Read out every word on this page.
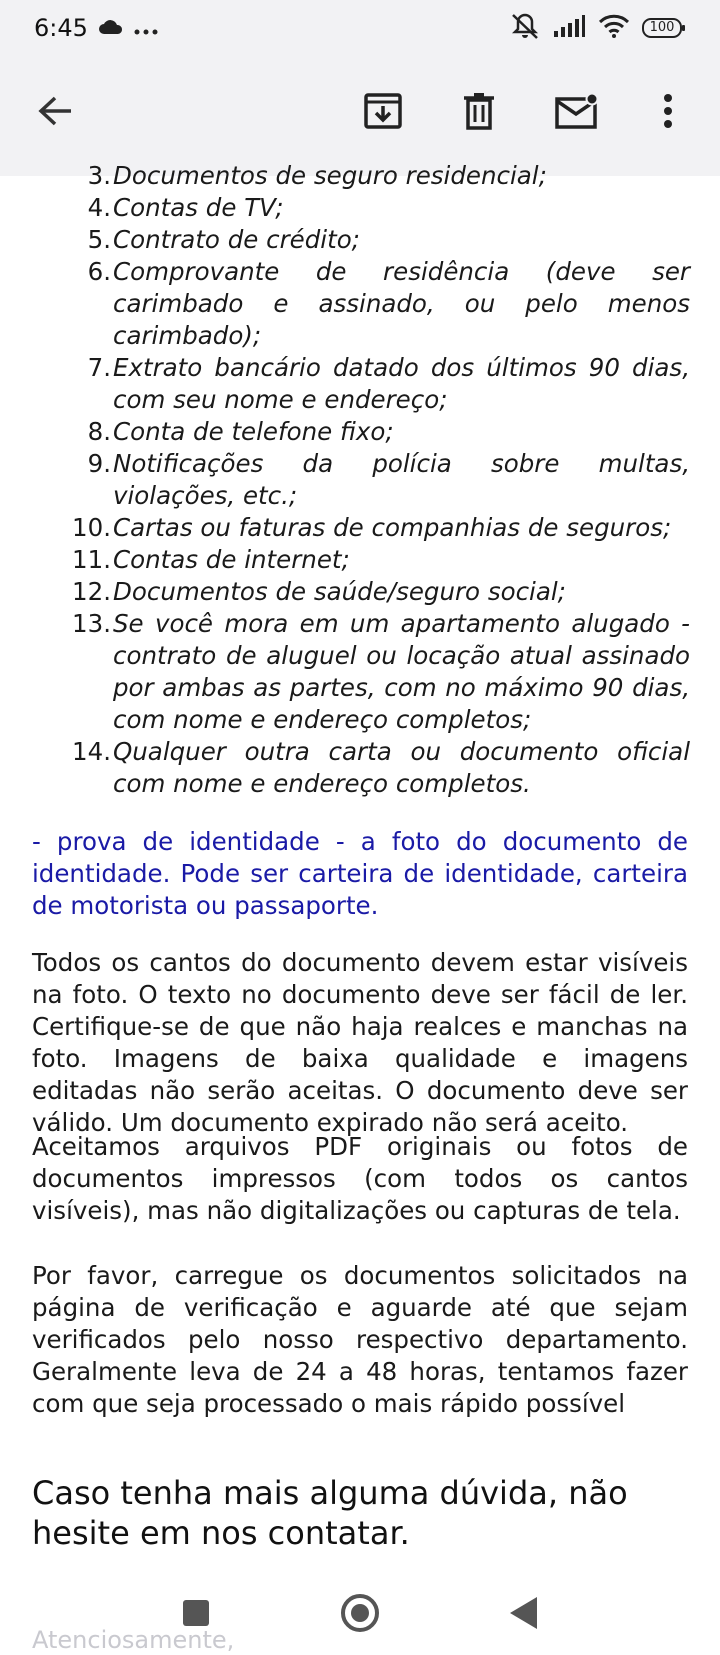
6:45	100
3. Documentos de seguro residencial;
4. Contas de TV;
5. Contrato de crédito;
6. Comprovante de residência (deve ser carimbado e assinado, ou pelo menos carimbado);
7. Extrato bancário datado dos últimos 90 dias, com seu nome e endereço;
8. Conta de telefone fixo;
9. Notificações da polícia sobre multas, violações, etc.;
10. Cartas ou faturas de companhias de seguros;
11. Contas de internet;
12. Documentos de saúde/seguro social;
13. Se você mora em um apartamento alugado - contrato de aluguel ou locação atual assinado por ambas as partes, com no máximo 90 dias, com nome e endereço completos;
14. Qualquer outra carta ou documento oficial com nome e endereço completos.
- prova de identidade - a foto do documento de identidade. Pode ser carteira de identidade, carteira de motorista ou passaporte.
Todos os cantos do documento devem estar visíveis na foto. O texto no documento deve ser fácil de ler. Certifique-se de que não haja realces e manchas na foto. Imagens de baixa qualidade e imagens editadas não serão aceitas. O documento deve ser válido. Um documento expirado não será aceito.
Aceitamos arquivos PDF originais ou fotos de documentos impressos (com todos os cantos visíveis), mas não digitalizações ou capturas de tela.
Por favor, carregue os documentos solicitados na página de verificação e aguarde até que sejam verificados pelo nosso respectivo departamento. Geralmente leva de 24 a 48 horas, tentamos fazer com que seja processado o mais rápido possível
Caso tenha mais alguma dúvida, não hesite em nos contatar.
Atenciosamente,
